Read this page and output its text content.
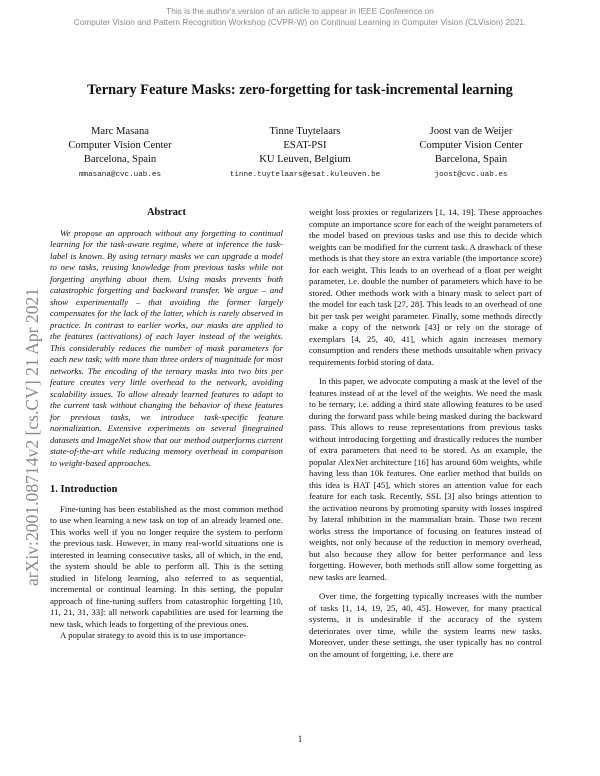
This is the author's version of an article to appear in IEEE Conference on
Computer Vision and Pattern Recognition Workshop (CVPR-W) on Continual Learning in Computer Vision (CLVision) 2021.
Ternary Feature Masks: zero-forgetting for task-incremental learning
Marc Masana
Computer Vision Center
Barcelona, Spain
mmasana@cvc.uab.es
Tinne Tuytelaars
ESAT-PSI
KU Leuven, Belgium
tinne.tuytelaars@esat.kuleuven.be
Joost van de Weijer
Computer Vision Center
Barcelona, Spain
joost@cvc.uab.es
arXiv:2001.08714v2 [cs.CV] 21 Apr 2021
Abstract

We propose an approach without any forgetting to continual learning for the task-aware regime, where at inference the task-label is known. By using ternary masks we can upgrade a model to new tasks, reusing knowledge from previous tasks while not forgetting anything about them. Using masks prevents both catastrophic forgetting and backward transfer. We argue – and show experimentally – that avoiding the former largely compensates for the lack of the latter, which is rarely observed in practice. In contrast to earlier works, our masks are applied to the features (activations) of each layer instead of the weights. This considerably reduces the number of mask parameters for each new task; with more than three orders of magnitude for most networks. The encoding of the ternary masks into two bits per feature creates very little overhead to the network, avoiding scalability issues. To allow already learned features to adapt to the current task without changing the behavior of these features for previous tasks, we introduce task-specific feature normalization. Extensive experiments on several finegrained datasets and ImageNet show that our method outperforms current state-of-the-art while reducing memory overhead in comparison to weight-based approaches.

1. Introduction

Fine-tuning has been established as the most common method to use when learning a new task on top of an already learned one. This works well if you no longer require the system to perform the previous task. However, in many real-world situations one is interested in learning consecutive tasks, all of which, in the end, the system should be able to perform all. This is the setting studied in lifelong learning, also referred to as sequential, incremental or continual learning. In this setting, the popular approach of fine-tuning suffers from catastrophic forgetting [10, 11, 21, 31, 33]: all network capabilities are used for learning the new task, which leads to forgetting of the previous ones.

A popular strategy to avoid this is to use importance-

weight loss proxies or regularizers [1, 14, 19]. These approaches compute an importance score for each of the weight parameters of the model based on previous tasks and use this to decide which weights can be modified for the current task. A drawback of these methods is that they store an extra variable (the importance score) for each weight. This leads to an overhead of a float per weight parameter, i.e. double the number of parameters which have to be stored. Other methods work with a binary mask to select part of the model for each task [27, 28]. This leads to an overhead of one bit per task per weight parameter. Finally, some methods directly make a copy of the network [43] or rely on the storage of exemplars [4, 25, 40, 41], which again increases memory consumption and renders these methods unsuitable when privacy requirements forbid storing of data.

In this paper, we advocate computing a mask at the level of the features instead of at the level of the weights. We need the mask to be ternary, i.e. adding a third state allowing features to be used during the forward pass while being masked during the backward pass. This allows to reuse representations from previous tasks without introducing forgetting and drastically reduces the number of extra parameters that need to be stored. As an example, the popular AlexNet architecture [16] has around 60m weights, while having less than 10k features. One earlier method that builds on this idea is HAT [45], which stores an attention value for each feature for each task. Recently, SSL [3] also brings attention to the activation neurons by promoting sparsity with losses inspired by lateral inhibition in the mammalian brain. Those two recent works stress the importance of focusing on features instead of weights, not only because of the reduction in memory overhead, but also because they allow for better performance and less forgetting. However, both methods still allow some forgetting as new tasks are learned.

Over time, the forgetting typically increases with the number of tasks [1, 14, 19, 25, 40, 45]. However, for many practical systems, it is undesirable if the accuracy of the system deteriorates over time, while the system learns new tasks. Moreover, under these settings, the user typically has no control on the amount of forgetting, i.e. there are

1
